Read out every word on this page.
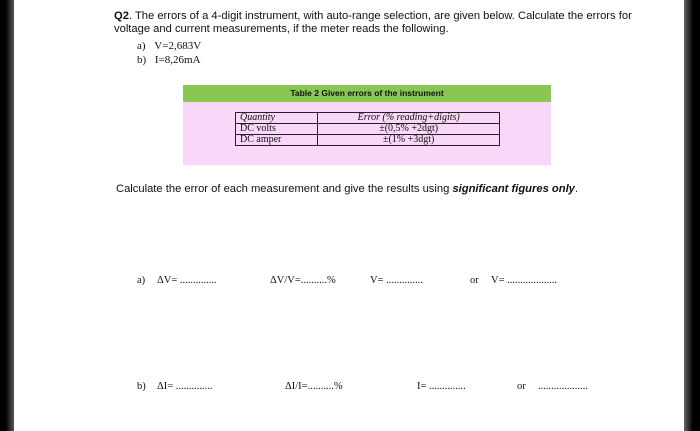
Q2. The errors of a 4-digit instrument, with auto-range selection, are given below. Calculate the errors for voltage and current measurements, if the meter reads the following.
a) V=2,683V
b) I=8,26mA
Table 2 Given errors of the instrument
Quantity	Error (% reading+digits)
DC volts	±(0,5% +2dgt)
DC amper	±(1% +3dgt)
Calculate the error of each measurement and give the results using significant figures only.
a) ΔV= ..............	ΔV/V=..........%	V= ..............	or V= ...................
b) ΔI= ..............	ΔI/I=..........%	I= ..............	or ...................
